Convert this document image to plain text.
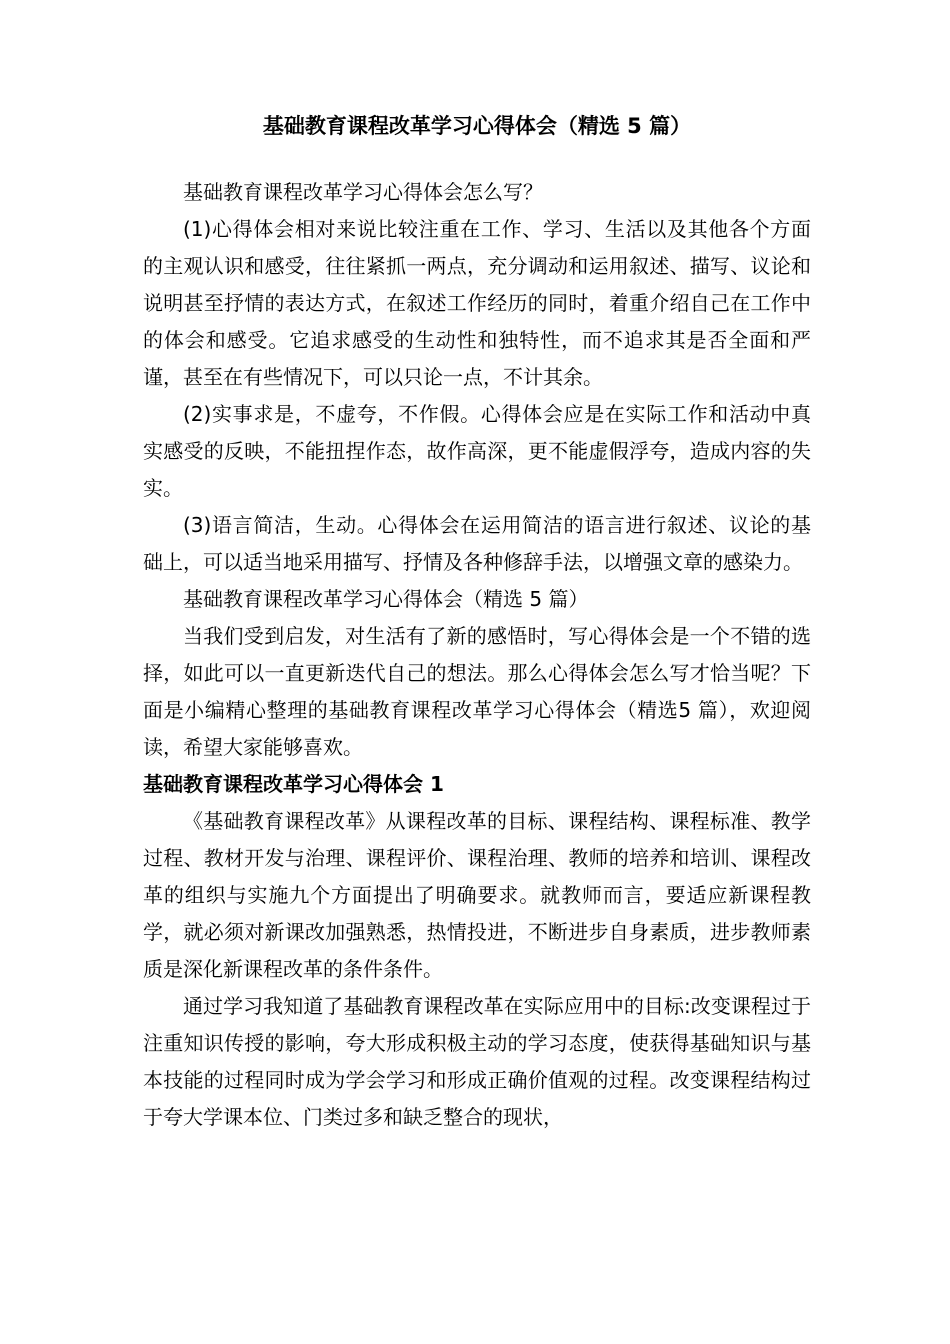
基础教育课程改革学习心得体会（精选 5 篇）

基础教育课程改革学习心得体会怎么写？

(1)心得体会相对来说比较注重在工作、学习、生活以及其他各个方面的主观认识和感受，往往紧抓一两点，充分调动和运用叙述、描写、议论和说明甚至抒情的表达方式，在叙述工作经历的同时，着重介绍自己在工作中的体会和感受。它追求感受的生动性和独特性，而不追求其是否全面和严谨，甚至在有些情况下，可以只论一点，不计其余。

(2)实事求是，不虚夸，不作假。心得体会应是在实际工作和活动中真实感受的反映，不能扭捏作态，故作高深，更不能虚假浮夸，造成内容的失实。

(3)语言简洁，生动。心得体会在运用简洁的语言进行叙述、议论的基础上，可以适当地采用描写、抒情及各种修辞手法，以增强文章的感染力。

基础教育课程改革学习心得体会（精选 5 篇）

当我们受到启发，对生活有了新的感悟时，写心得体会是一个不错的选择，如此可以一直更新迭代自己的想法。那么心得体会怎么写才恰当呢？下面是小编精心整理的基础教育课程改革学习心得体会（精选5 篇），欢迎阅读，希望大家能够喜欢。

基础教育课程改革学习心得体会 1

《基础教育课程改革》从课程改革的目标、课程结构、课程标准、教学过程、教材开发与治理、课程评价、课程治理、教师的培养和培训、课程改革的组织与实施九个方面提出了明确要求。就教师而言，要适应新课程教学，就必须对新课改加强熟悉，热情投进，不断进步自身素质，进步教师素质是深化新课程改革的条件条件。

通过学习我知道了基础教育课程改革在实际应用中的目标:改变课程过于注重知识传授的影响，夸大形成积极主动的学习态度，使获得基础知识与基本技能的过程同时成为学会学习和形成正确价值观的过程。改变课程结构过于夸大学课本位、门类过多和缺乏整合的现状，
